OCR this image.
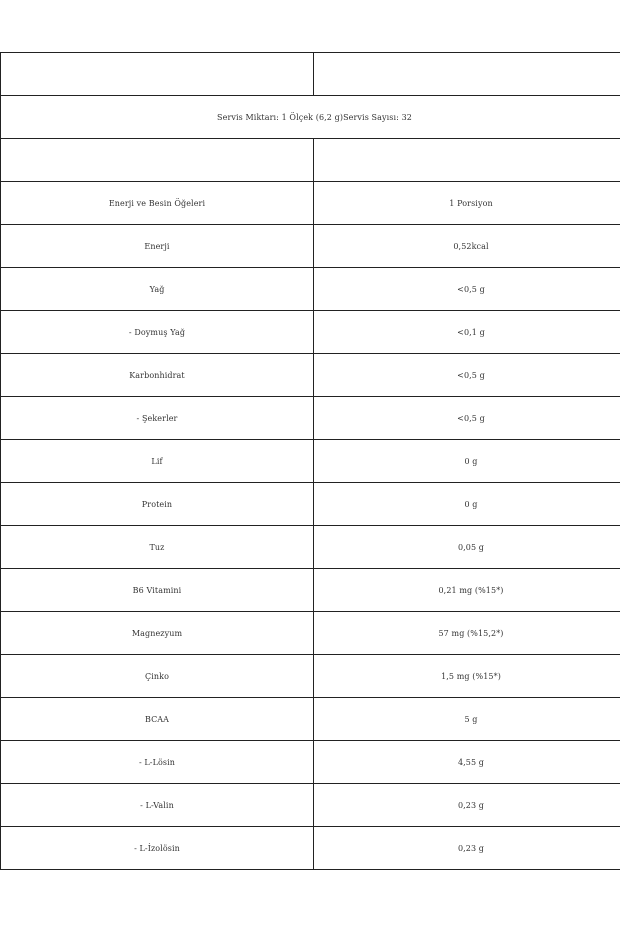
Servis Miktarı: 1 Ölçek (6,2 g)Servis Sayısı: 32	

Enerji ve Besin Öğeleri	1 Porsiyon
Enerji	0,52kcal
Yağ	<0,5 g
- Doymuş Yağ	<0,1 g
Karbonhidrat	<0,5 g
- Şekerler	<0,5 g
Lif	0 g
Protein	0 g
Tuz	0,05 g
B6 Vitamini	0,21 mg (%15*)
Magnezyum	57 mg (%15,2*)
Çinko	1,5 mg (%15*)
BCAA	5 g
- L-Lösin	4,55 g
- L-Valin	0,23 g
- L-İzolösin	0,23 g
